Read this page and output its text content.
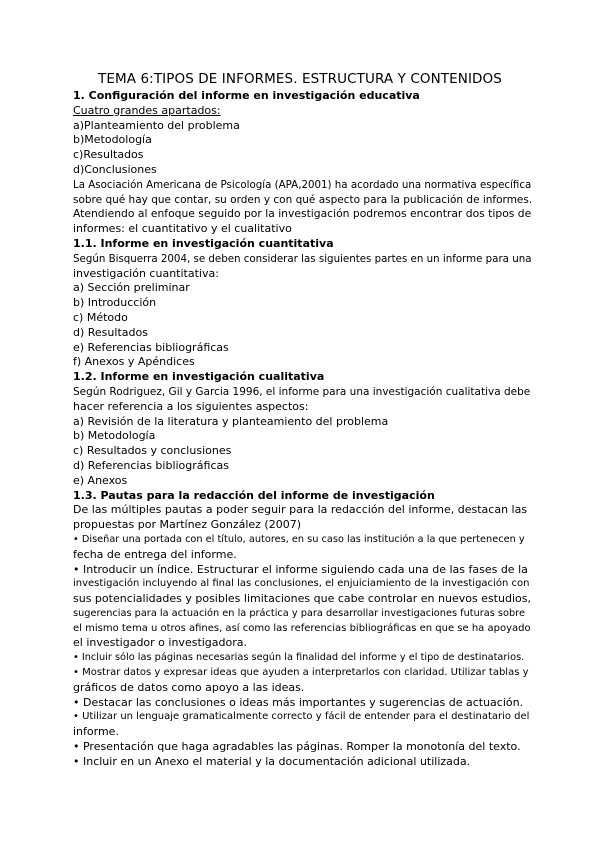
TEMA 6:TIPOS DE INFORMES. ESTRUCTURA Y CONTENIDOS

1. Configuración del informe en investigación educativa

Cuatro grandes apartados:

a)Planteamiento del problema

b)Metodología

c)Resultados

d)Conclusiones

La Asociación Americana de Psicología (APA,2001) ha acordado una normativa específica

sobre qué hay que contar, su orden y con qué aspecto para la publicación de informes.

Atendiendo al enfoque seguido por la investigación podremos encontrar dos tipos de

informes: el cuantitativo y el cualitativo

1.1. Informe en investigación cuantitativa

Según Bisquerra 2004, se deben considerar las siguientes partes en un informe para una

investigación cuantitativa:

a) Sección preliminar

b) Introducción

c) Método

d) Resultados

e) Referencias bibliográficas

f) Anexos y Apéndices

1.2. Informe en investigación cualitativa

Según Rodriguez, Gil y Garcia 1996, el informe para una investigación cualitativa debe

hacer referencia a los siguientes aspectos:

a) Revisión de la literatura y planteamiento del problema

b) Metodología

c) Resultados y conclusiones

d) Referencias bibliográficas

e) Anexos

1.3. Pautas para la redacción del informe de investigación

De las múltiples pautas a poder seguir para la redacción del informe, destacan las

propuestas por Martínez González (2007)

• Diseñar una portada con el título, autores, en su caso las institución a la que pertenecen y

fecha de entrega del informe.

• Introducir un índice. Estructurar el informe siguiendo cada una de las fases de la

investigación incluyendo al final las conclusiones, el enjuiciamiento de la investigación con

sus potencialidades y posibles limitaciones que cabe controlar en nuevos estudios,

sugerencias para la actuación en la práctica y para desarrollar investigaciones futuras sobre

el mismo tema u otros afines, así como las referencias bibliográficas en que se ha apoyado

el investigador o investigadora.

• Incluir sólo las páginas necesarias según la finalidad del informe y el tipo de destinatarios.

• Mostrar datos y expresar ideas que ayuden a interpretarlos con claridad. Utilizar tablas y

gráficos de datos como apoyo a las ideas.

• Destacar las conclusiones o ideas más importantes y sugerencias de actuación.

• Utilizar un lenguaje gramaticalmente correcto y fácil de entender para el destinatario del

informe.

• Presentación que haga agradables las páginas. Romper la monotonía del texto.

• Incluir en un Anexo el material y la documentación adicional utilizada.
